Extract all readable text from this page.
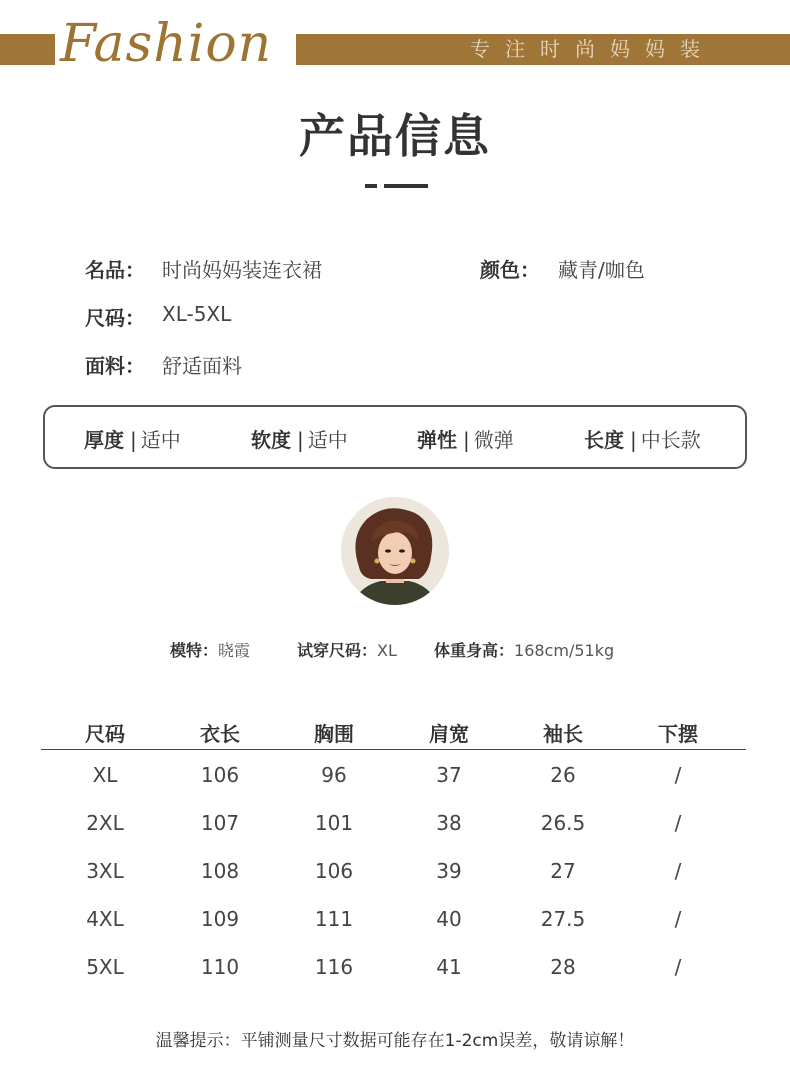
Fashion	专注时尚妈妈装
产品信息
名品： 时尚妈妈装连衣裙	颜色： 藏青/咖色
尺码： XL-5XL
面料： 舒适面料
厚度 | 适中	软度 | 适中	弹性 | 微弹	长度 | 中长款
模特：晓霞	试穿尺码：XL 体重身高：168cm/51kg
尺码	衣长	胸围	肩宽	袖长	下摆
XL	106	96	37	26	/
2XL	107	101	38	26.5	/
3XL	108	106	39	27	/
4XL	109	111	40	27.5	/
5XL	110	116	41	28	/
温馨提示：平铺测量尺寸数据可能存在1-2cm误差，敬请谅解！
